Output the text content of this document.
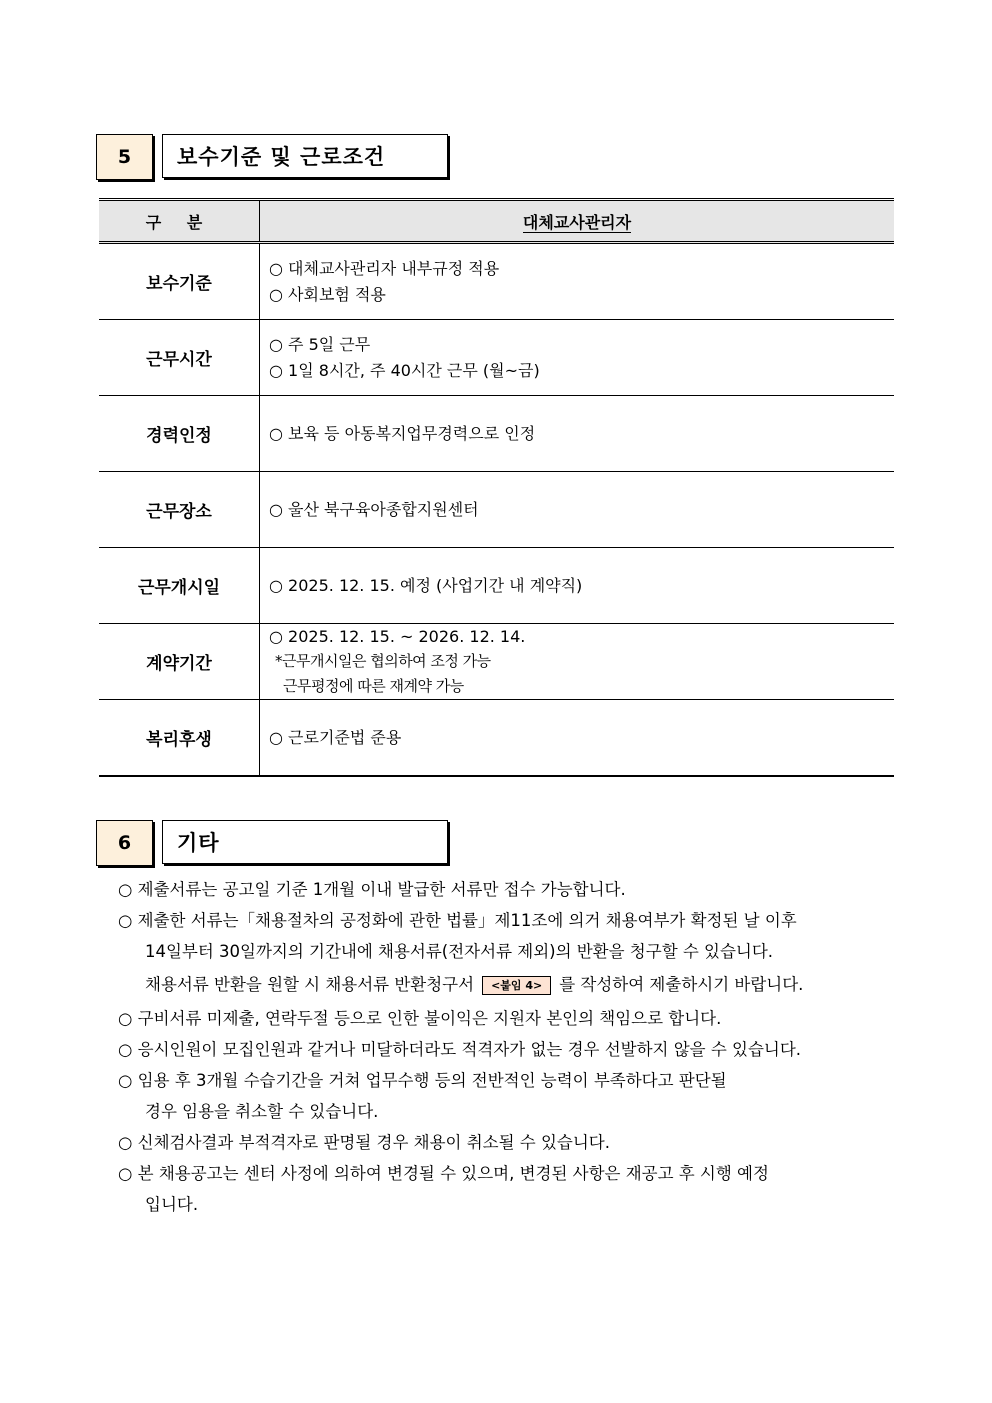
5	보수기준 및 근로조건
구 분	대체교사관리자
보수기준	○ 대체교사관리자 내부규정 적용
○ 사회보험 적용

근무시간	○ 주 5일 근무
○ 1일 8시간, 주 40시간 근무 (월~금)

경력인정	○ 보육 등 아동복지업무경력으로 인정

근무장소	○ 울산 북구육아종합지원센터

근무개시일	○ 2025. 12. 15. 예정 (사업기간 내 계약직)

계약기간	○ 2025. 12. 15. ~ 2026. 12. 14.
*근무개시일은 협의하여 조정 가능
근무평정에 따른 재계약 가능

복리후생	○ 근로기준법 준용
6	기타
○ 제출서류는 공고일 기준 1개월 이내 발급한 서류만 접수 가능합니다.
○ 제출한 서류는「채용절차의 공정화에 관한 법률」제11조에 의거 채용여부가 확정된 날 이후
14일부터 30일까지의 기간내에 채용서류(전자서류 제외)의 반환을 청구할 수 있습니다.
채용서류 반환을 원할 시 채용서류 반환청구서 <붙임 4> 를 작성하여 제출하시기 바랍니다.
○ 구비서류 미제출, 연락두절 등으로 인한 불이익은 지원자 본인의 책임으로 합니다.
○ 응시인원이 모집인원과 같거나 미달하더라도 적격자가 없는 경우 선발하지 않을 수 있습니다.
○ 임용 후 3개월 수습기간을 거쳐 업무수행 등의 전반적인 능력이 부족하다고 판단될
경우 임용을 취소할 수 있습니다.
○ 신체검사결과 부적격자로 판명될 경우 채용이 취소될 수 있습니다.
○ 본 채용공고는 센터 사정에 의하여 변경될 수 있으며, 변경된 사항은 재공고 후 시행 예정
입니다.
